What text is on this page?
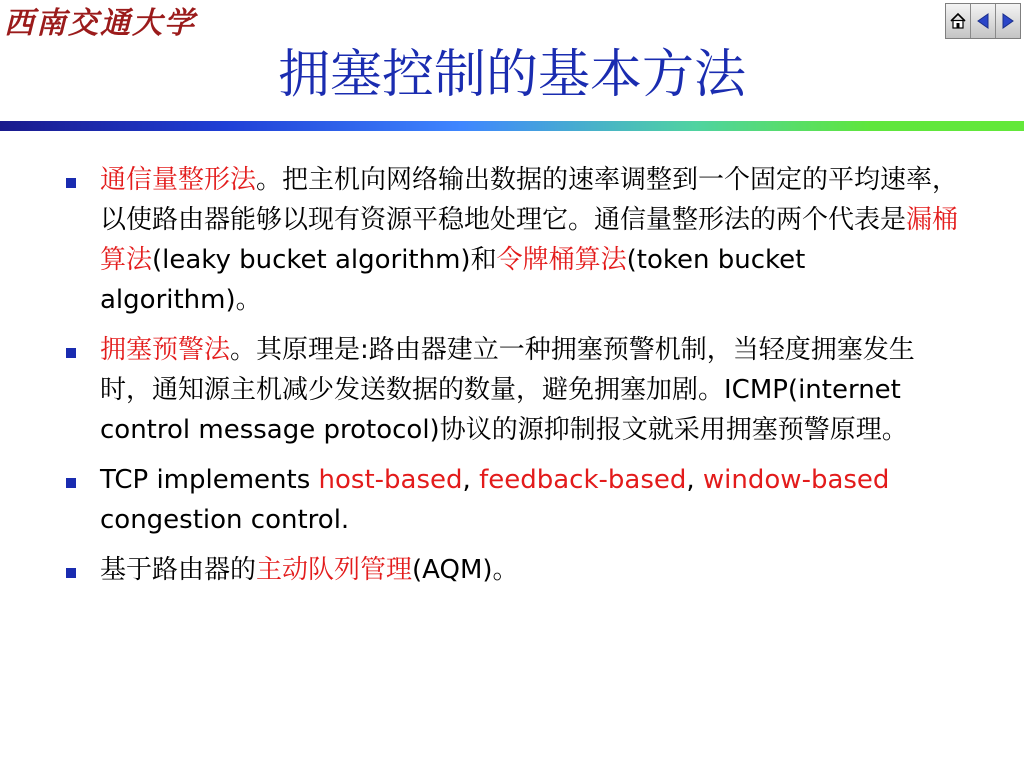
西南交通大学
拥塞控制的基本方法
通信量整形法。把主机向网络输出数据的速率调整到一个固定的平均速率，以使路由器能够以现有资源平稳地处理它。通信量整形法的两个代表是漏桶算法(leaky bucket algorithm)和令牌桶算法(token bucket algorithm)。
拥塞预警法。其原理是:路由器建立一种拥塞预警机制，当轻度拥塞发生时，通知源主机减少发送数据的数量，避免拥塞加剧。ICMP(internet control message protocol)协议的源抑制报文就采用拥塞预警原理。
TCP implements host-based, feedback-based, window-based congestion control.
基于路由器的主动队列管理(AQM)。
